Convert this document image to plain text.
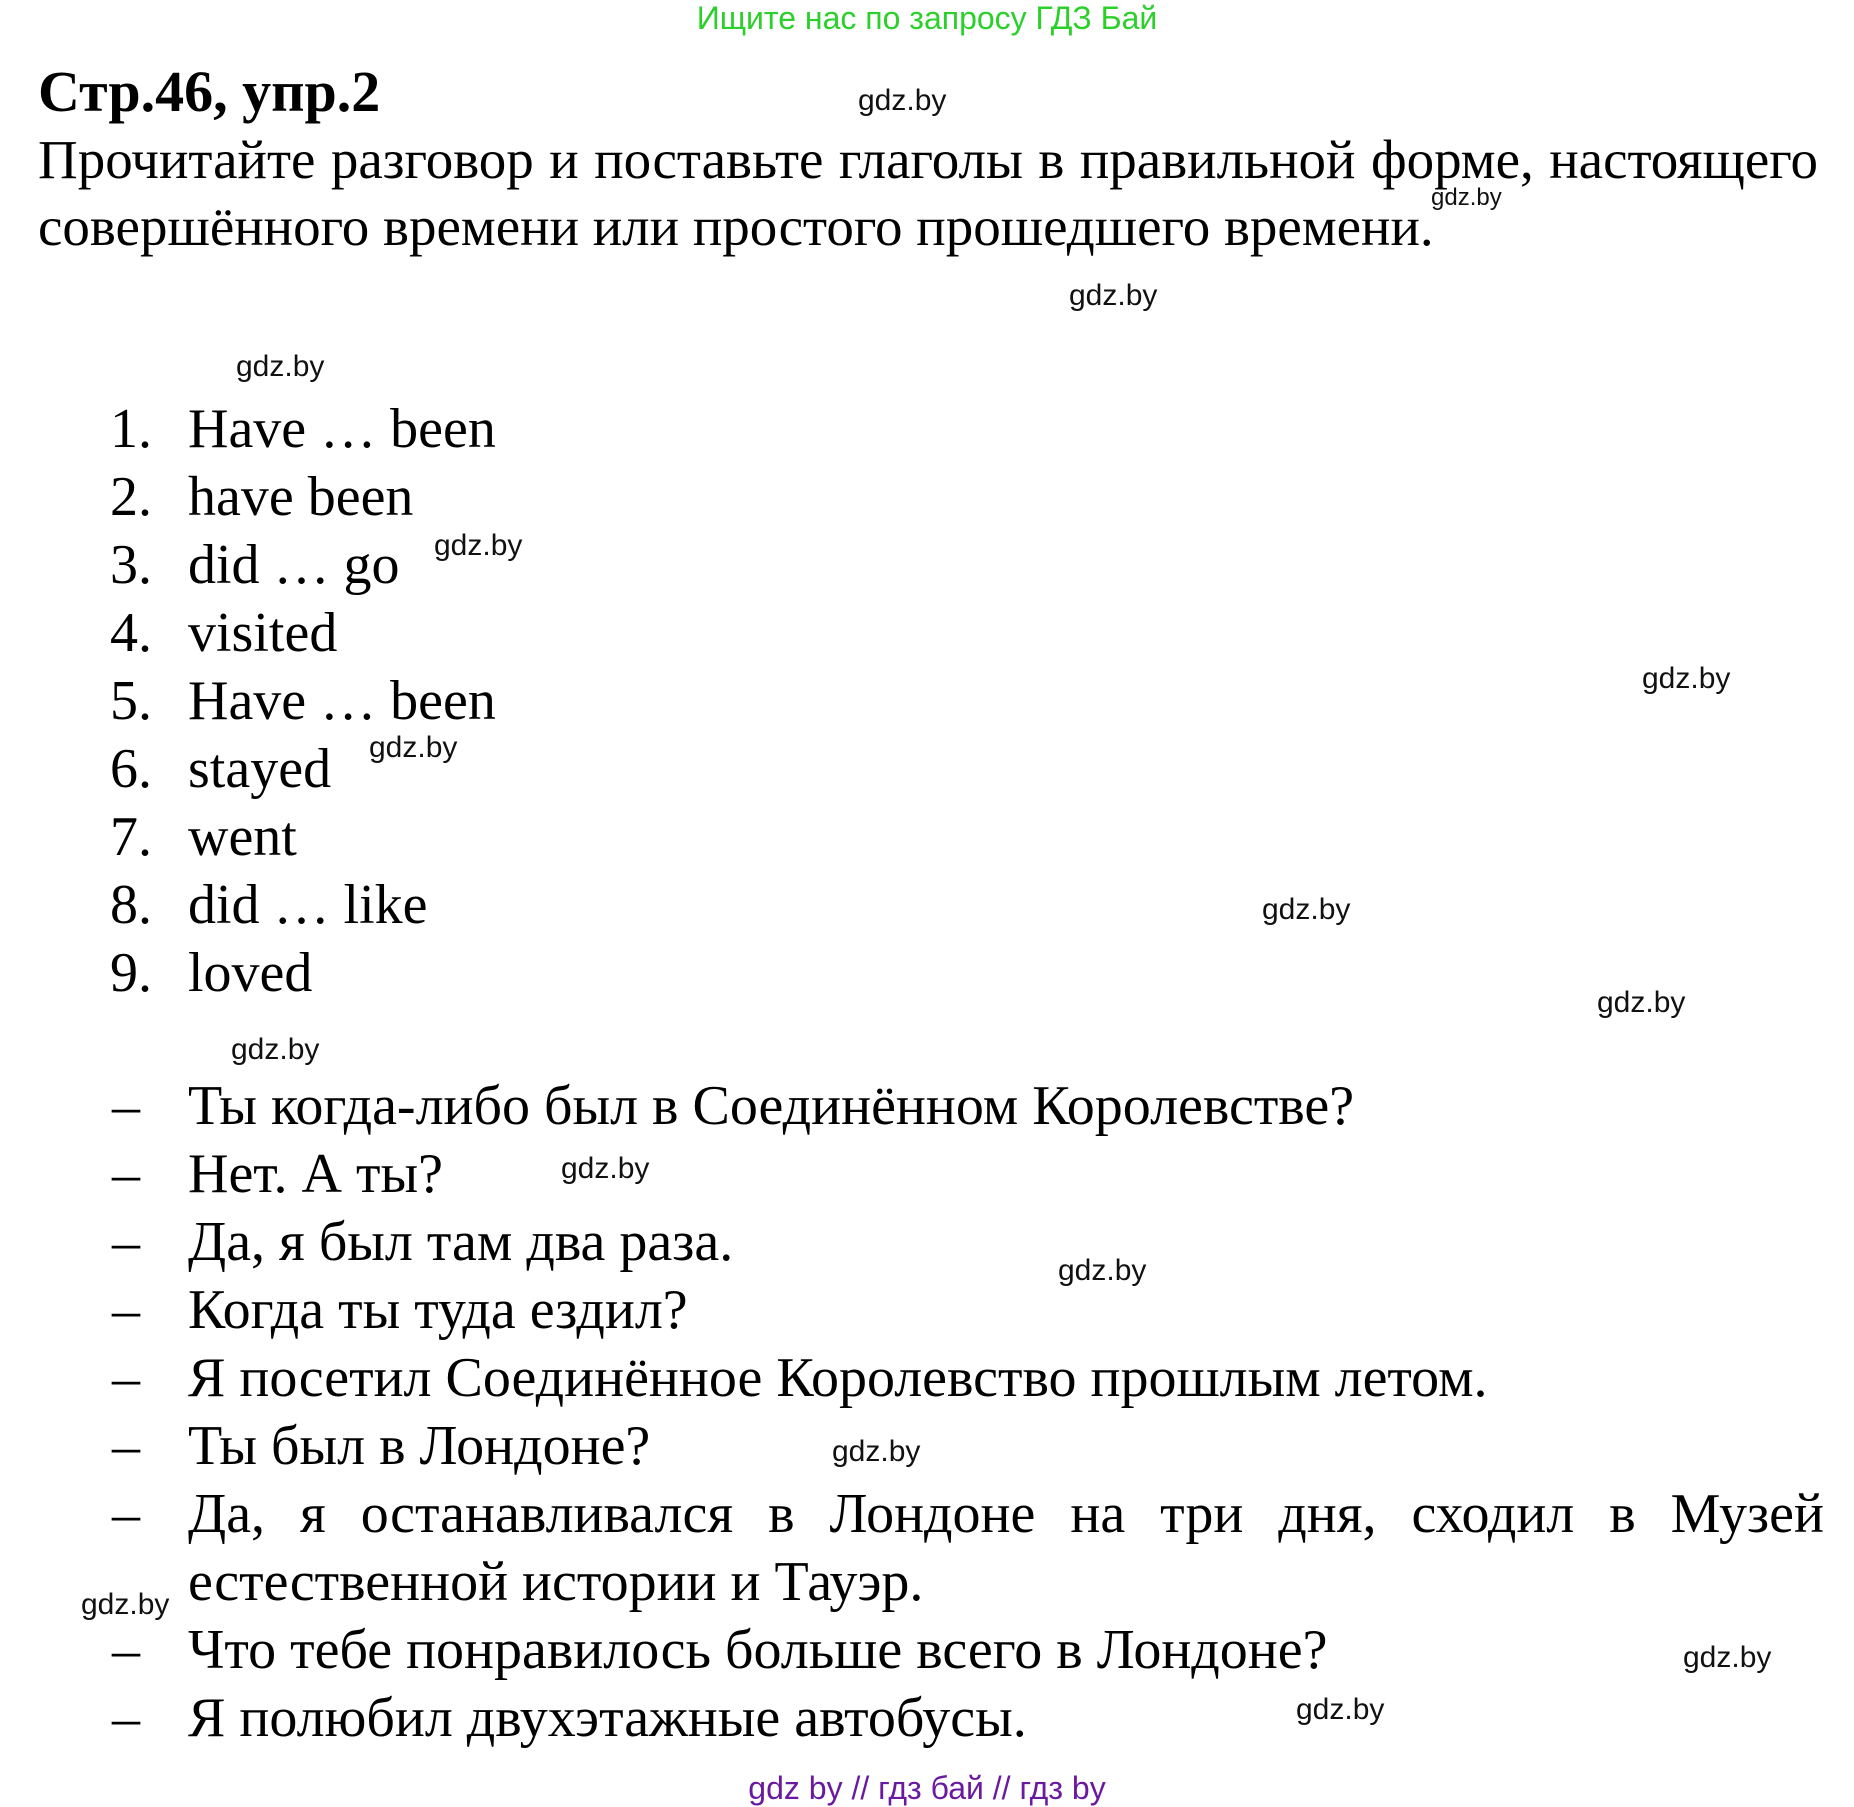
Ищите нас по запросу ГДЗ Бай
Стр.46, упр.2
Прочитайте разговор и поставьте глаголы в правильной форме, настоящего совершённого времени или простого прошедшего времени.
1. Have … been
2. have been
3. did … go
4. visited
5. Have … been
6. stayed
7. went
8. did … like
9. loved
– Ты когда-либо был в Соединённом Королевстве?
– Нет. А ты?
– Да, я был там два раза.
– Когда ты туда ездил?
– Я посетил Соединённое Королевство прошлым летом.
– Ты был в Лондоне?
– Да, я останавливался в Лондоне на три дня, сходил в Музей естественной истории и Тауэр.
– Что тебе понравилось больше всего в Лондоне?
– Я полюбил двухэтажные автобусы.
gdz.by
gdz.by
gdz.by
gdz.by
gdz.by
gdz.by
gdz.by
gdz.by
gdz.by
gdz.by
gdz.by
gdz.by
gdz.by
gdz.by
gdz.by
gdz.by
gdz by // гдз бай // гдз by
